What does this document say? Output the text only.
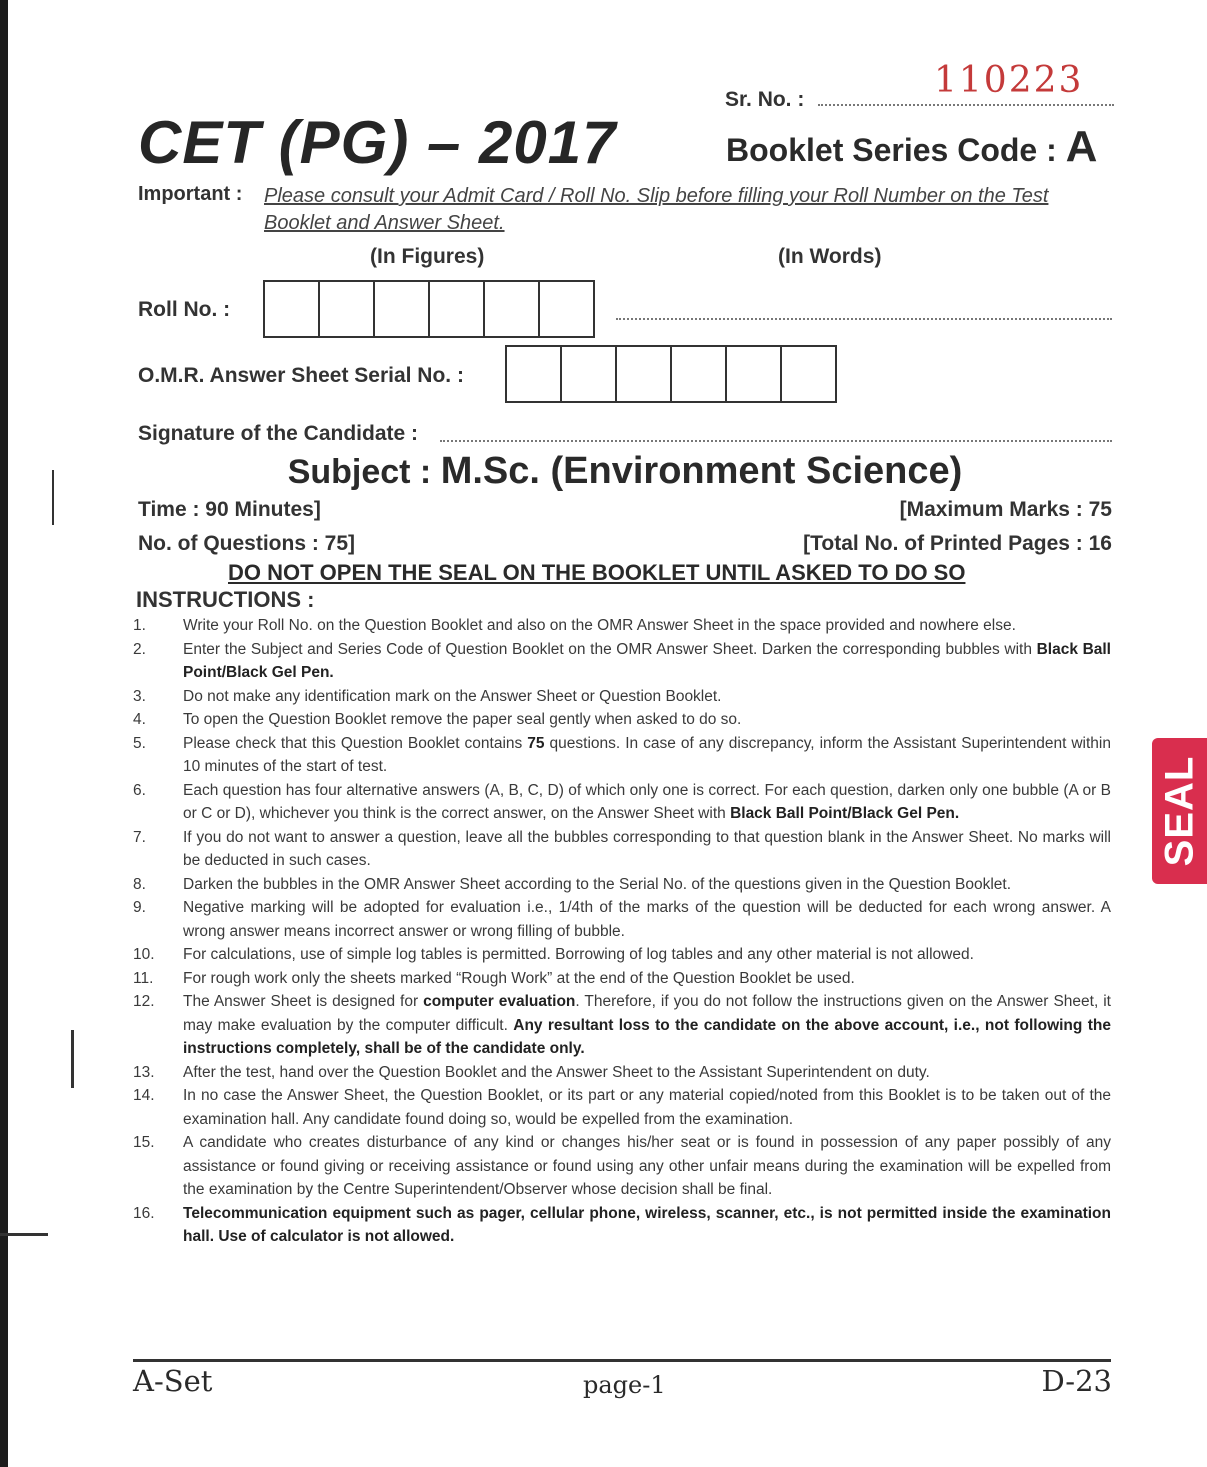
Sr. No. :	110223
CET (PG) – 2017	Booklet Series Code : A
Important : Please consult your Admit Card / Roll No. Slip before filling your Roll Number on the Test Booklet and Answer Sheet.
(In Figures)	(In Words)
Roll No. :
O.M.R. Answer Sheet Serial No. :
Signature of the Candidate :
Subject : M.Sc. (Environment Science)
Time : 90 Minutes]	[Maximum Marks : 75
No. of Questions : 75]	[Total No. of Printed Pages : 16
DO NOT OPEN THE SEAL ON THE BOOKLET UNTIL ASKED TO DO SO
INSTRUCTIONS :
1.	Write your Roll No. on the Question Booklet and also on the OMR Answer Sheet in the space provided and nowhere else.
2.	Enter the Subject and Series Code of Question Booklet on the OMR Answer Sheet. Darken the corresponding bubbles with Black Ball Point/Black Gel Pen.
3.	Do not make any identification mark on the Answer Sheet or Question Booklet.
4.	To open the Question Booklet remove the paper seal gently when asked to do so.
5.	Please check that this Question Booklet contains 75 questions. In case of any discrepancy, inform the Assistant Superintendent within 10 minutes of the start of test.
6.	Each question has four alternative answers (A, B, C, D) of which only one is correct. For each question, darken only one bubble (A or B or C or D), whichever you think is the correct answer, on the Answer Sheet with Black Ball Point/Black Gel Pen.
7.	If you do not want to answer a question, leave all the bubbles corresponding to that question blank in the Answer Sheet. No marks will be deducted in such cases.
8.	Darken the bubbles in the OMR Answer Sheet according to the Serial No. of the questions given in the Question Booklet.
9.	Negative marking will be adopted for evaluation i.e., 1/4th of the marks of the question will be deducted for each wrong answer. A wrong answer means incorrect answer or wrong filling of bubble.
10.	For calculations, use of simple log tables is permitted. Borrowing of log tables and any other material is not allowed.
11.	For rough work only the sheets marked “Rough Work” at the end of the Question Booklet be used.
12.	The Answer Sheet is designed for computer evaluation. Therefore, if you do not follow the instructions given on the Answer Sheet, it may make evaluation by the computer difficult. Any resultant loss to the candidate on the above account, i.e., not following the instructions completely, shall be of the candidate only.
13.	After the test, hand over the Question Booklet and the Answer Sheet to the Assistant Superintendent on duty.
14.	In no case the Answer Sheet, the Question Booklet, or its part or any material copied/noted from this Booklet is to be taken out of the examination hall. Any candidate found doing so, would be expelled from the examination.
15.	A candidate who creates disturbance of any kind or changes his/her seat or is found in possession of any paper possibly of any assistance or found giving or receiving assistance or found using any other unfair means during the examination will be expelled from the examination by the Centre Superintendent/Observer whose decision shall be final.
16.	Telecommunication equipment such as pager, cellular phone, wireless, scanner, etc., is not permitted inside the examination hall. Use of calculator is not allowed.
A-Set	page-1	D-23
SEAL
